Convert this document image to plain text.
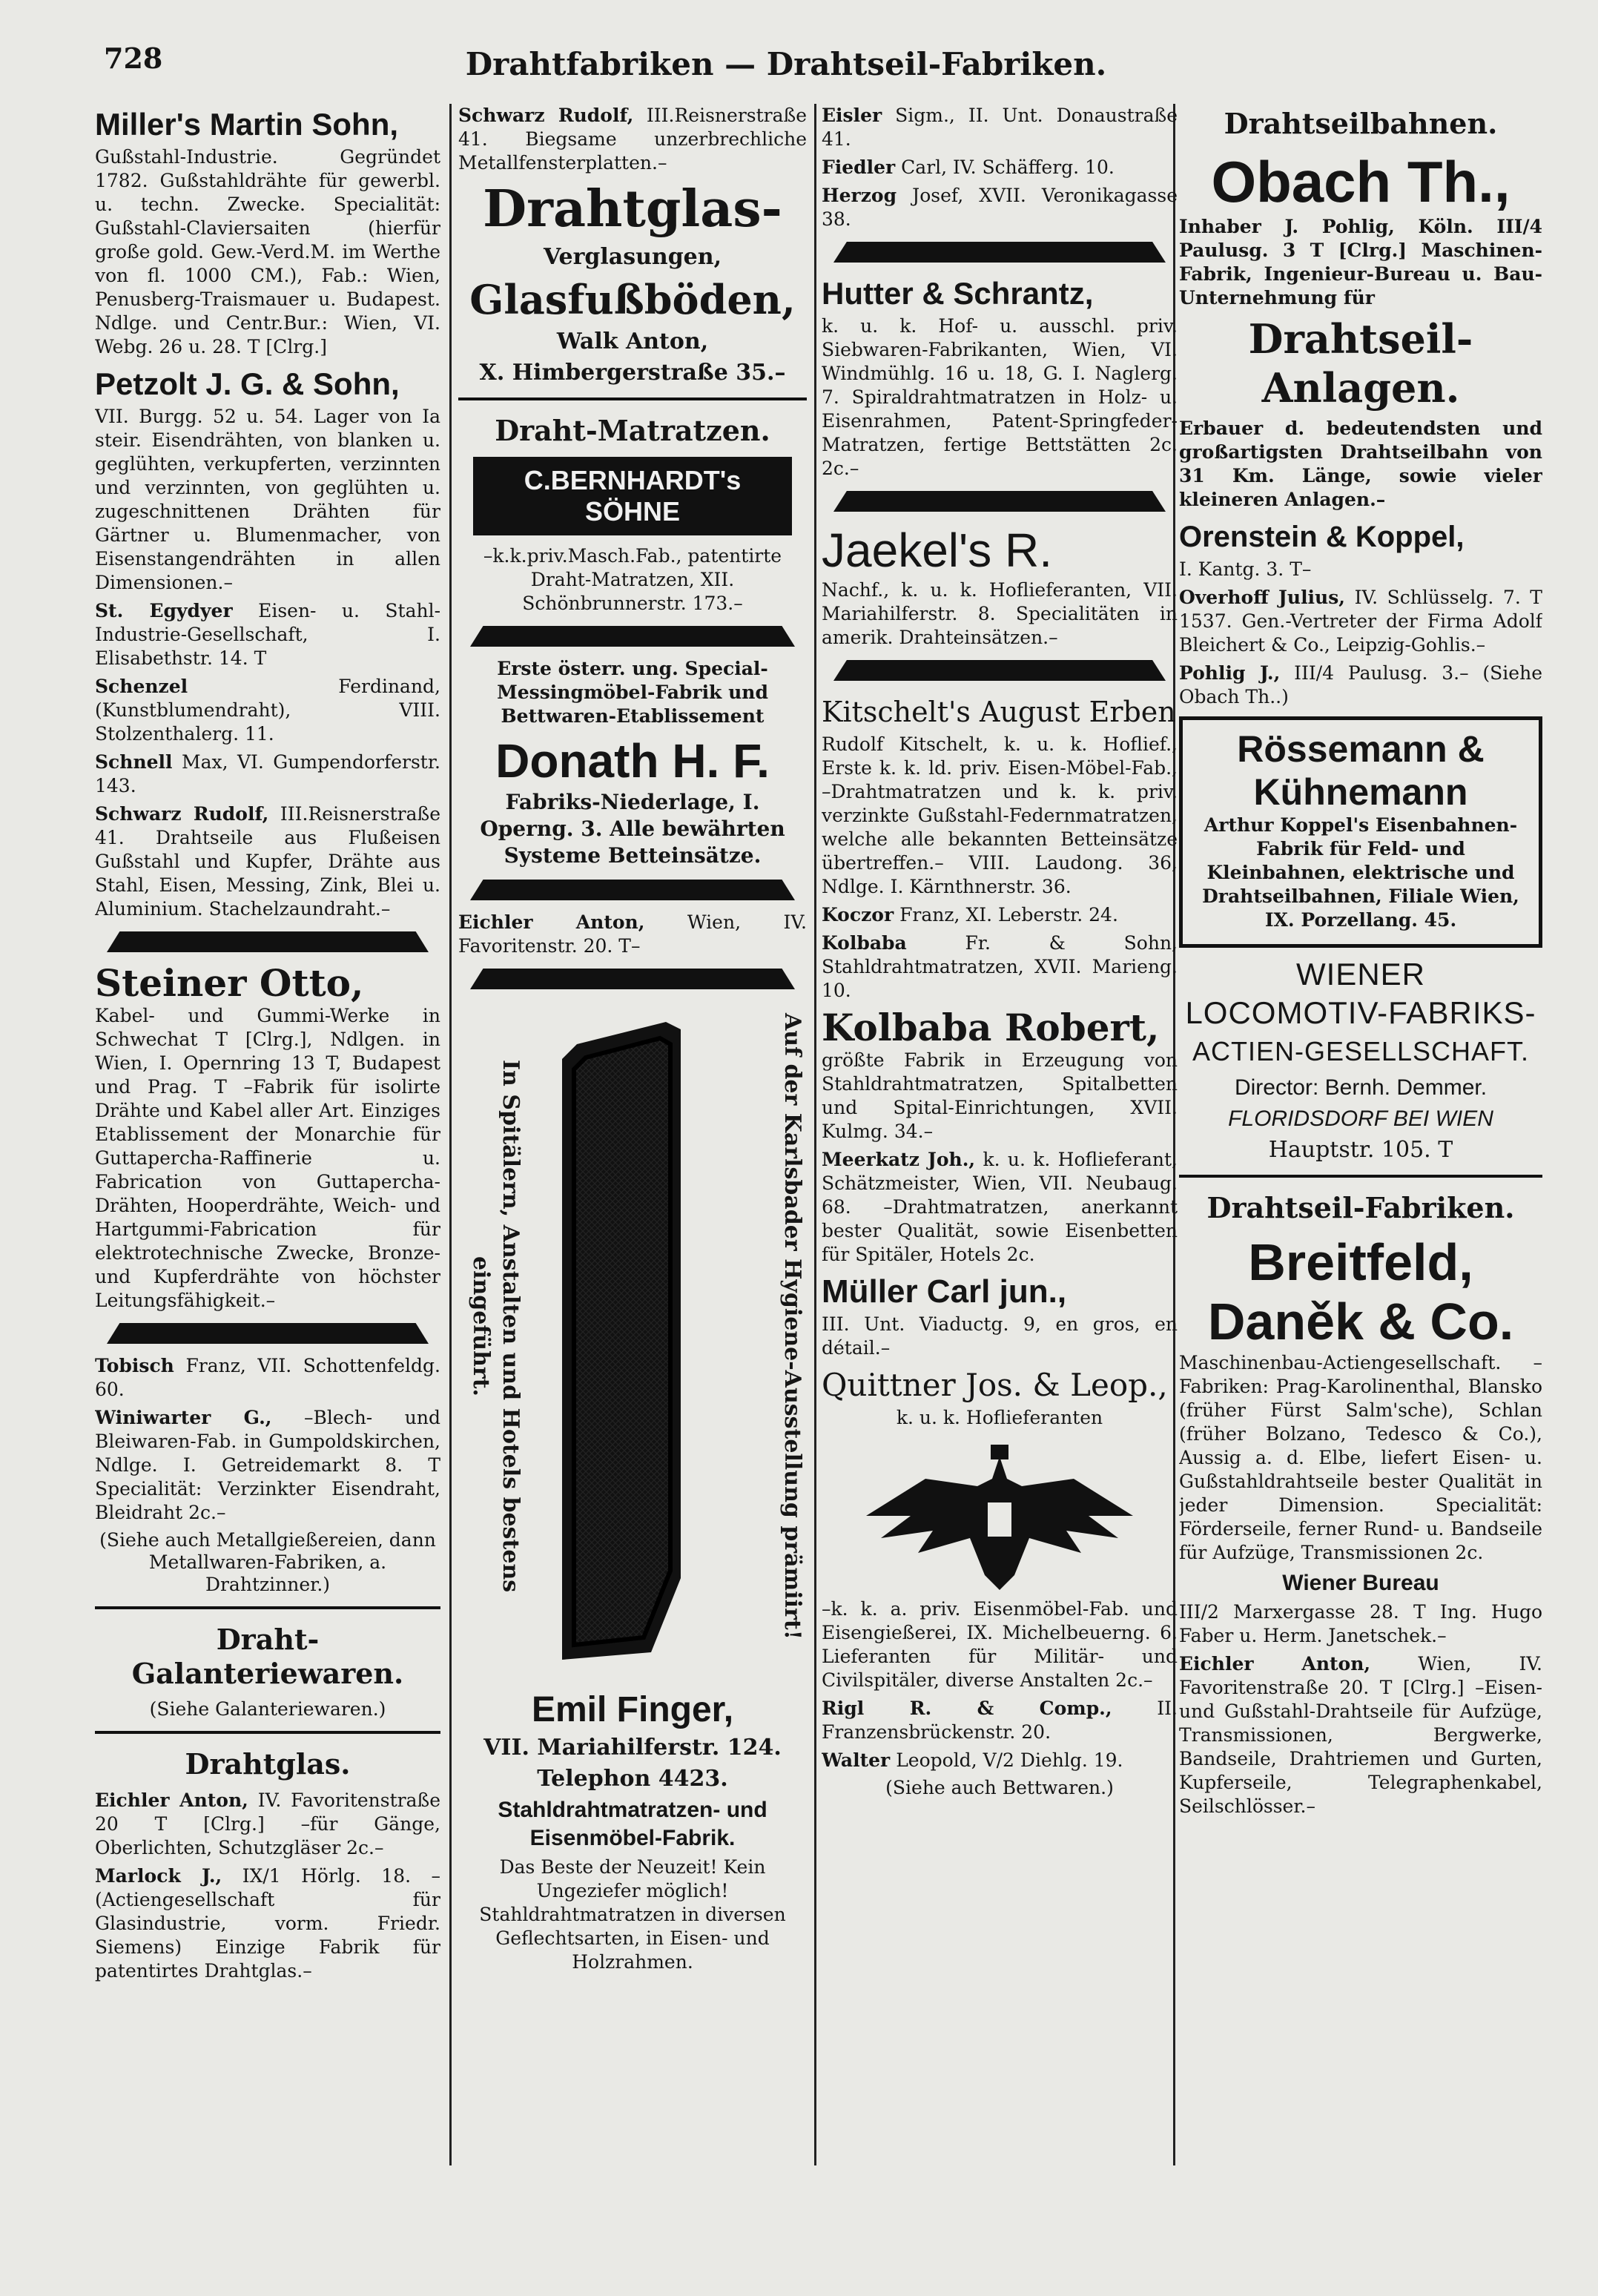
728	Drahtfabriken — Drahtseil-Fabriken.

Miller's Martin Sohn,

Gußstahl-Industrie. Gegründet 1782. Gußstahldrähte für gewerbl. u. techn. Zwecke. Specialität: Gußstahl-Claviersaiten (hierfür große gold. Gew.-Verd.M. im Werthe von fl. 1000 CM.), Fab.: Wien, Penusberg-Traismauer u. Budapest. Ndlge. und Centr.Bur.: Wien, VI. Webg. 26 u. 28. T [Clrg.]

Petzolt J. G. & Sohn,

VII. Burgg. 52 u. 54. Lager von Ia steir. Eisendrähten, von blanken u. geglühten, verkupferten, verzinnten und verzinnten, von geglühten u. zugeschnittenen Drähten für Gärtner u. Blumenmacher, von Eisenstangendrähten in allen Dimensionen.–

St. Egydyer Eisen- u. Stahl-Industrie-Gesellschaft, I. Elisabethstr. 14. T

Schenzel	Ferdinand, (Kunstblumendraht), VIII. Stolzenthalerg. 11.

Schnell Max, VI. Gumpendorferstr. 143.

Schwarz Rudolf, III.Reisnerstraße 41. Drahtseile aus Flußeisen Gußstahl und Kupfer, Drähte aus Stahl, Eisen, Messing, Zink, Blei u. Aluminium. Stachelzaundraht.–

Steiner Otto,

Kabel- und Gummi-Werke in Schwechat T [Clrg.], Ndlgen. in Wien, I. Opernring 13 T, Budapest und Prag. T –Fabrik für isolirte Drähte und Kabel aller Art. Einziges Etablissement der Monarchie für Guttapercha-Raffinerie u. Fabrication von Guttapercha-Drähten, Hooperdrähte, Weich- und Hartgummi-Fabrication für elektrotechnische Zwecke, Bronze- und Kupferdrähte von höchster Leitungsfähigkeit.–

Tobisch Franz, VII. Schottenfeldg. 60.

Winiwarter G., –Blech- und Bleiwaren-Fab. in Gumpoldskirchen, Ndlge. I. Getreidemarkt 8. T Specialität: Verzinkter Eisendraht, Bleidraht 2c.–

(Siehe auch Metallgießereien, dann Metallwaren-Fabriken, a. Drahtzinner.)

Draht-Galanteriewaren.

(Siehe Galanteriewaren.)

Drahtglas.

Eichler Anton, IV. Favoritenstraße 20 T [Clrg.] –für Gänge, Oberlichten, Schutzgläser 2c.–

Marlock J., IX/1 Hörlg. 18. –(Actiengesellschaft für Glasindustrie, vorm. Friedr. Siemens) Einzige Fabrik für patentirtes Drahtglas.–

Schwarz Rudolf, III.Reisnerstraße 41. Biegsame unzerbrechliche Metallfensterplatten.–

Drahtglas-
Verglasungen,
Glasfußböden,
Walk Anton,
X. Himbergerstraße 35.–
Draht-Matratzen.
C.BERNHARDT's SÖHNE

–k.k.priv.Masch.Fab., patentirte Draht-Matratzen, XII. Schönbrunnerstr. 173.–

Erste österr. ung. Special-Messingmöbel-Fabrik und Bettwaren-Etablissement

Donath H. F.

Fabriks-Niederlage, I. Operng. 3. Alle bewährten Systeme Betteinsätze.

Eichler Anton, Wien, IV. Favoritenstr. 20. T–

In Spitälern, Anstalten und Hotels bestens eingeführt.	Auf der Karlsbader Hygiene-Ausstellung prämiirt!
Emil Finger,
VII. Mariahilferstr. 124.
Telephon 4423.
Stahldrahtmatratzen- und Eisenmöbel-Fabrik.

Das Beste der Neuzeit! Kein Ungeziefer möglich! Stahldrahtmatratzen in diversen Geflechtsarten, in Eisen- und Holzrahmen.

Eisler Sigm., II. Unt. Donaustraße 41.

Fiedler Carl, IV. Schäfferg. 10.

Herzog Josef, XVII. Veronikagasse 38.

Hutter & Schrantz,

k. u. k. Hof- u. ausschl. priv. Siebwaren-Fabrikanten, Wien, VI. Windmühlg. 16 u. 18, G. I. Naglerg. 7. Spiraldrahtmatratzen in Holz- u. Eisenrahmen, Patent-Springfeder-Matratzen, fertige Bettstätten 2c. 2c.–

Jaekel's R.

Nachf., k. u. k. Hoflieferanten, VII. Mariahilferstr. 8. Specialitäten in amerik. Drahteinsätzen.–

Kitschelt's August Erben

Rudolf Kitschelt, k. u. k. Hoflief., Erste k. k. ld. priv. Eisen-Möbel-Fab., –Drahtmatratzen und k. k. priv. verzinkte Gußstahl-Federnmatratzen, welche alle bekannten Betteinsätze übertreffen.– VIII. Laudong. 36, Ndlge. I. Kärnthnerstr. 36.

Koczor Franz, XI. Leberstr. 24.

Kolbaba	Fr. & Sohn, Stahldrahtmatratzen, XVII. Marieng. 10.

Kolbaba Robert,

größte Fabrik in Erzeugung von Stahldrahtmatratzen, Spitalbetten und Spital-Einrichtungen, XVII. Kulmg. 34.–

Meerkatz Joh., k. u. k. Hoflieferant, Schätzmeister, Wien, VII. Neubaug. 68. –Drahtmatratzen, anerkannt bester Qualität, sowie Eisenbetten für Spitäler, Hotels 2c.

Müller Carl jun.,

III. Unt. Viaductg. 9, en gros, en détail.–

Quittner Jos. & Leop.,

k. u. k. Hoflieferanten

–k. k. a. priv. Eisenmöbel-Fab. und Eisengießerei, IX. Michelbeuerng. 6. Lieferanten für Militär- und Civilspitäler, diverse Anstalten 2c.–

Rigl R. & Comp., II. Franzensbrückenstr. 20.

Walter Leopold, V/2 Diehlg. 19.

(Siehe auch Bettwaren.)

Drahtseilbahnen.

Obach Th.,

Inhaber J. Pohlig, Köln. III/4 Paulusg. 3 T [Clrg.] Maschinen-Fabrik, Ingenieur-Bureau u. Bau-Unternehmung für

Drahtseil-Anlagen.

Erbauer d. bedeutendsten und großartigsten Drahtseilbahn von 31 Km. Länge, sowie vieler kleineren Anlagen.–

Orenstein & Koppel,

I. Kantg. 3. T–

Overhoff Julius, IV. Schlüsselg. 7. T 1537. Gen.-Vertreter der Firma Adolf Bleichert & Co., Leipzig-Gohlis.–

Pohlig J., III/4 Paulusg. 3.– (Siehe Obach Th..)

Rössemann & Kühnemann

Arthur Koppel's Eisenbahnen-Fabrik für Feld- und Kleinbahnen, elektrische und Drahtseilbahnen, Filiale Wien, IX. Porzellang. 45.

WIENER
LOCOMOTIV-FABRIKS-
ACTIEN-GESELLSCHAFT.
Director: Bernh. Demmer.
FLORIDSDORF BEI WIEN
Hauptstr. 105. T
Drahtseil-Fabriken.
Breitfeld,
Daněk & Co.

Maschinenbau-Actiengesellschaft. –Fabriken: Prag-Karolinenthal, Blansko (früher Fürst Salm'sche), Schlan (früher Bolzano, Tedesco & Co.), Aussig a. d. Elbe, liefert Eisen- u. Gußstahldrahtseile bester Qualität in jeder Dimension. Specialität: Förderseile, ferner Rund- u. Bandseile für Aufzüge, Transmissionen 2c.

Wiener Bureau

III/2 Marxergasse 28. T Ing. Hugo Faber u. Herm. Janetschek.–

Eichler Anton,	Wien, IV. Favoritenstraße 20. T [Clrg.] –Eisen- und Gußstahl-Drahtseile für Aufzüge, Transmissionen, Bergwerke, Bandseile, Drahtriemen und Gurten, Kupferseile, Telegraphenkabel, Seilschlösser.–
